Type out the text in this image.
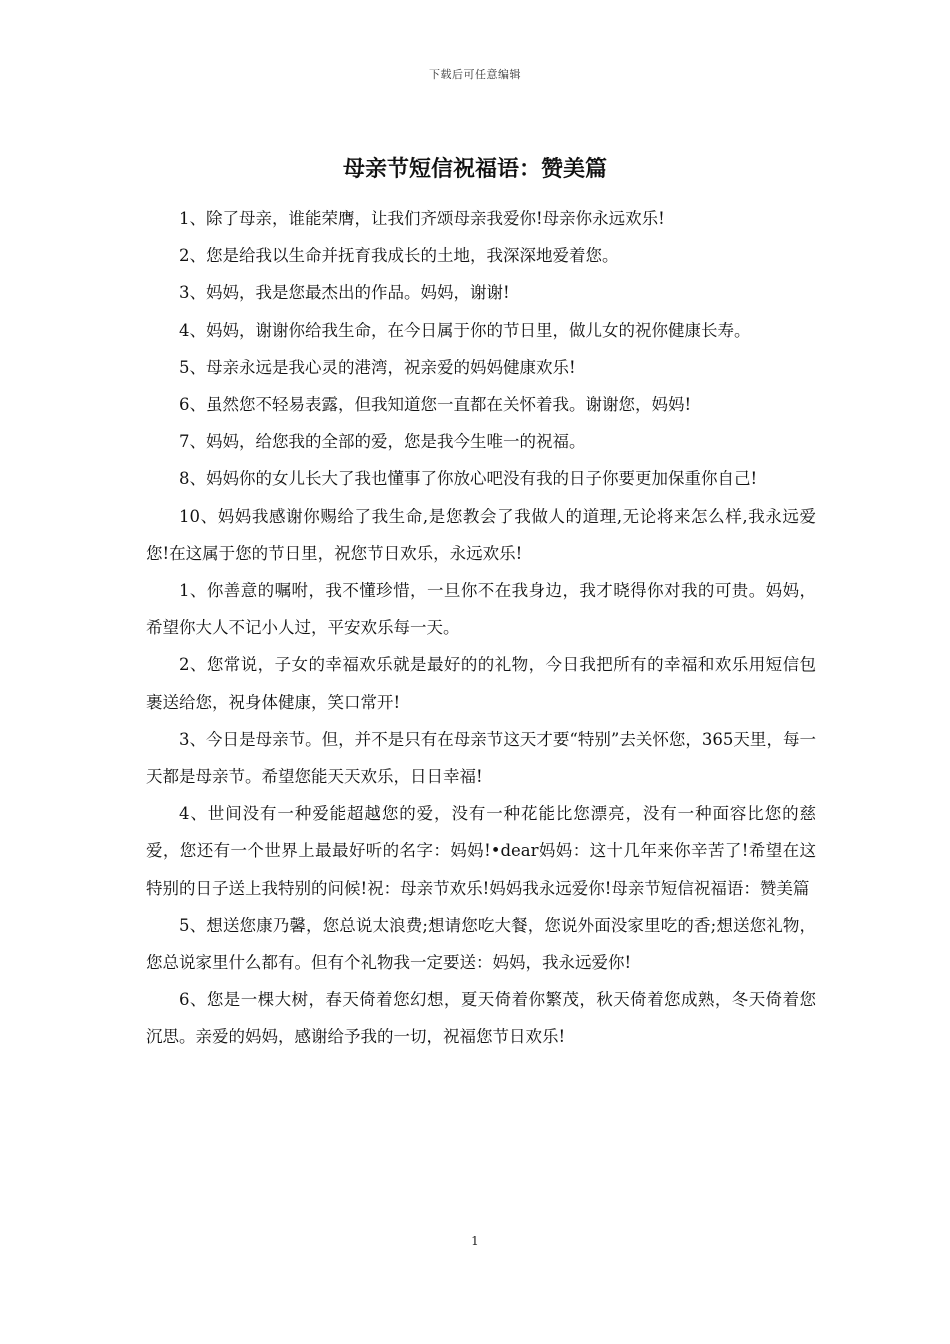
下载后可任意编辑
母亲节短信祝福语：赞美篇

1、除了母亲，谁能荣膺，让我们齐颂母亲我爱你!母亲你永远欢乐!

2、您是给我以生命并抚育我成长的土地，我深深地爱着您。

3、妈妈，我是您最杰出的作品。妈妈，谢谢!

4、妈妈，谢谢你给我生命，在今日属于你的节日里，做儿女的祝你健康长寿。

5、母亲永远是我心灵的港湾，祝亲爱的妈妈健康欢乐!

6、虽然您不轻易表露，但我知道您一直都在关怀着我。谢谢您，妈妈!

7、妈妈，给您我的全部的爱，您是我今生唯一的祝福。

8、妈妈你的女儿长大了我也懂事了你放心吧没有我的日子你要更加保重你自己!

10、妈妈我感谢你赐给了我生命,是您教会了我做人的道理,无论将来怎么样,我永远爱您!在这属于您的节日里，祝您节日欢乐，永远欢乐!

1、你善意的嘱咐，我不懂珍惜，一旦你不在我身边，我才晓得你对我的可贵。妈妈，希望你大人不记小人过，平安欢乐每一天。

2、您常说，子女的幸福欢乐就是最好的的礼物，今日我把所有的幸福和欢乐用短信包裹送给您，祝身体健康，笑口常开!

3、今日是母亲节。但，并不是只有在母亲节这天才要“特别”去关怀您，365天里，每一天都是母亲节。希望您能天天欢乐，日日幸福!

4、世间没有一种爱能超越您的爱，没有一种花能比您漂亮，没有一种面容比您的慈爱，您还有一个世界上最最好听的名字：妈妈!•dear妈妈：这十几年来你辛苦了!希望在这特别的日子送上我特别的问候!祝：母亲节欢乐!妈妈我永远爱你!母亲节短信祝福语：赞美篇

5、想送您康乃馨，您总说太浪费;想请您吃大餐，您说外面没家里吃的香;想送您礼物，您总说家里什么都有。但有个礼物我一定要送：妈妈，我永远爱你!

6、您是一棵大树，春天倚着您幻想，夏天倚着你繁茂，秋天倚着您成熟，冬天倚着您沉思。亲爱的妈妈，感谢给予我的一切，祝福您节日欢乐!

1
